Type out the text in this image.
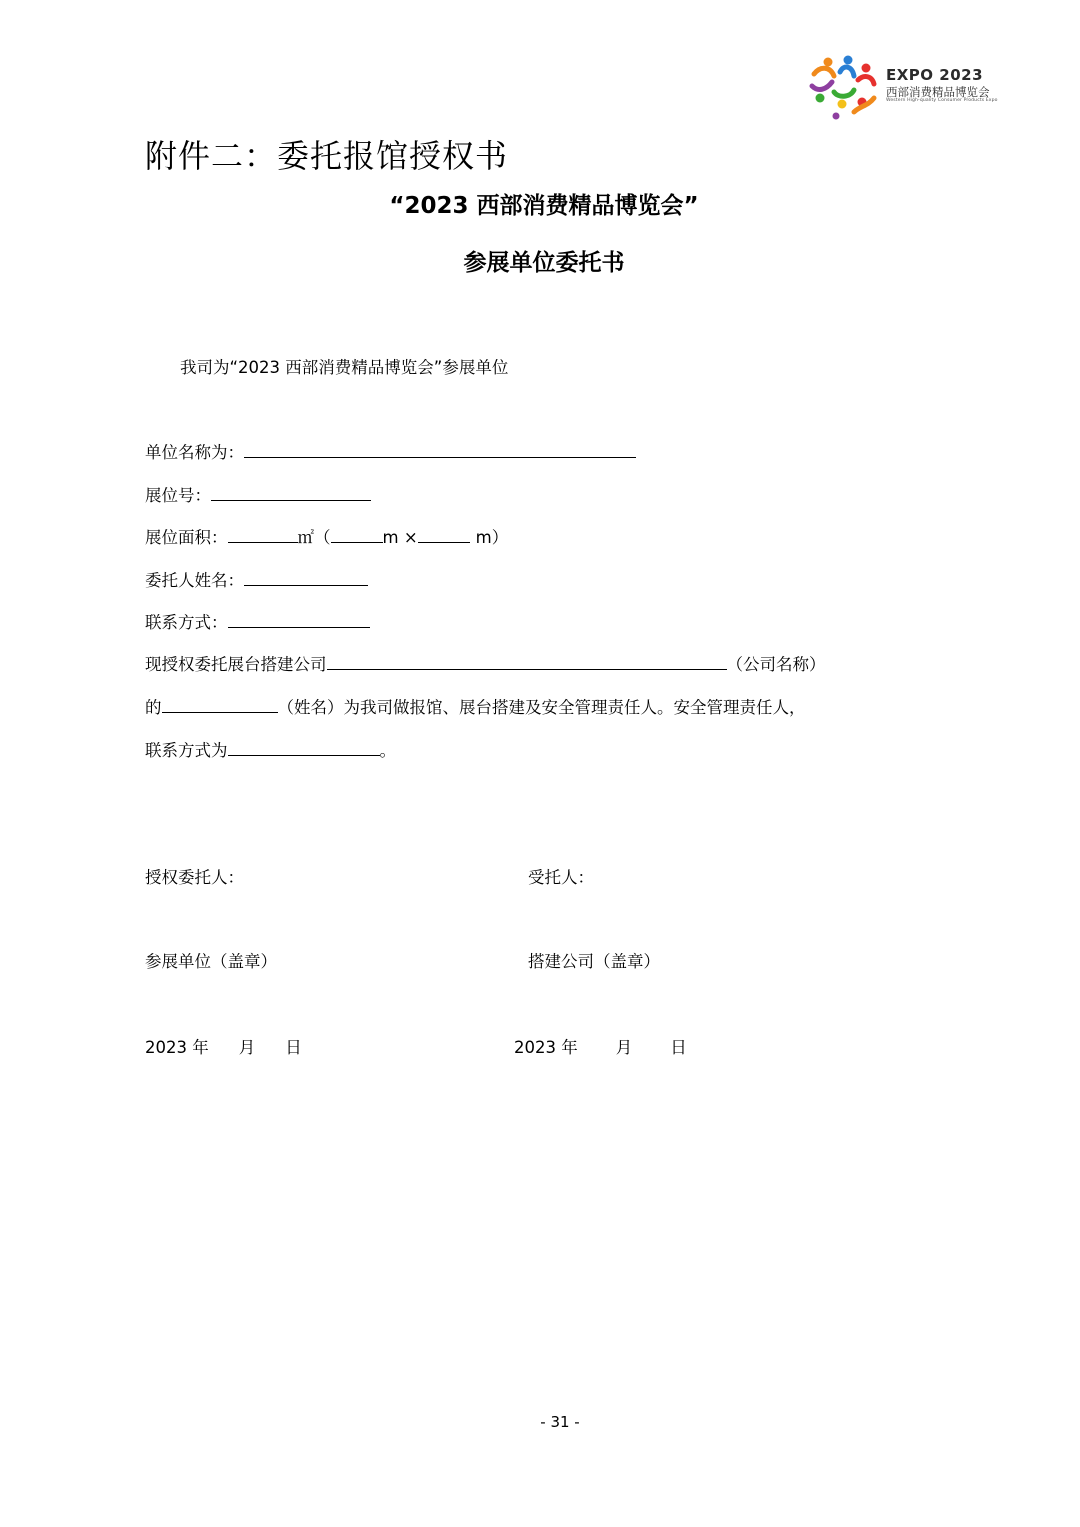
EXPO 2023
西部消费精品博览会
Western High-quality Consumer Products Expo
附件二：委托报馆授权书
“2023 西部消费精品博览会”
参展单位委托书
我司为“2023 西部消费精品博览会”参展单位
单位名称为：
展位号：
展位面积：	㎡（	m ×	m）
委托人姓名：
联系方式：
现授权委托展台搭建公司	（公司名称）
的	（姓名）为我司做报馆、展台搭建及安全管理责任人。安全管理责任人，
联系方式为	。
授权委托人：	受托人：
参展单位（盖章）	搭建公司（盖章）
2023 年 月 日	2023 年 月 日
- 31 -
